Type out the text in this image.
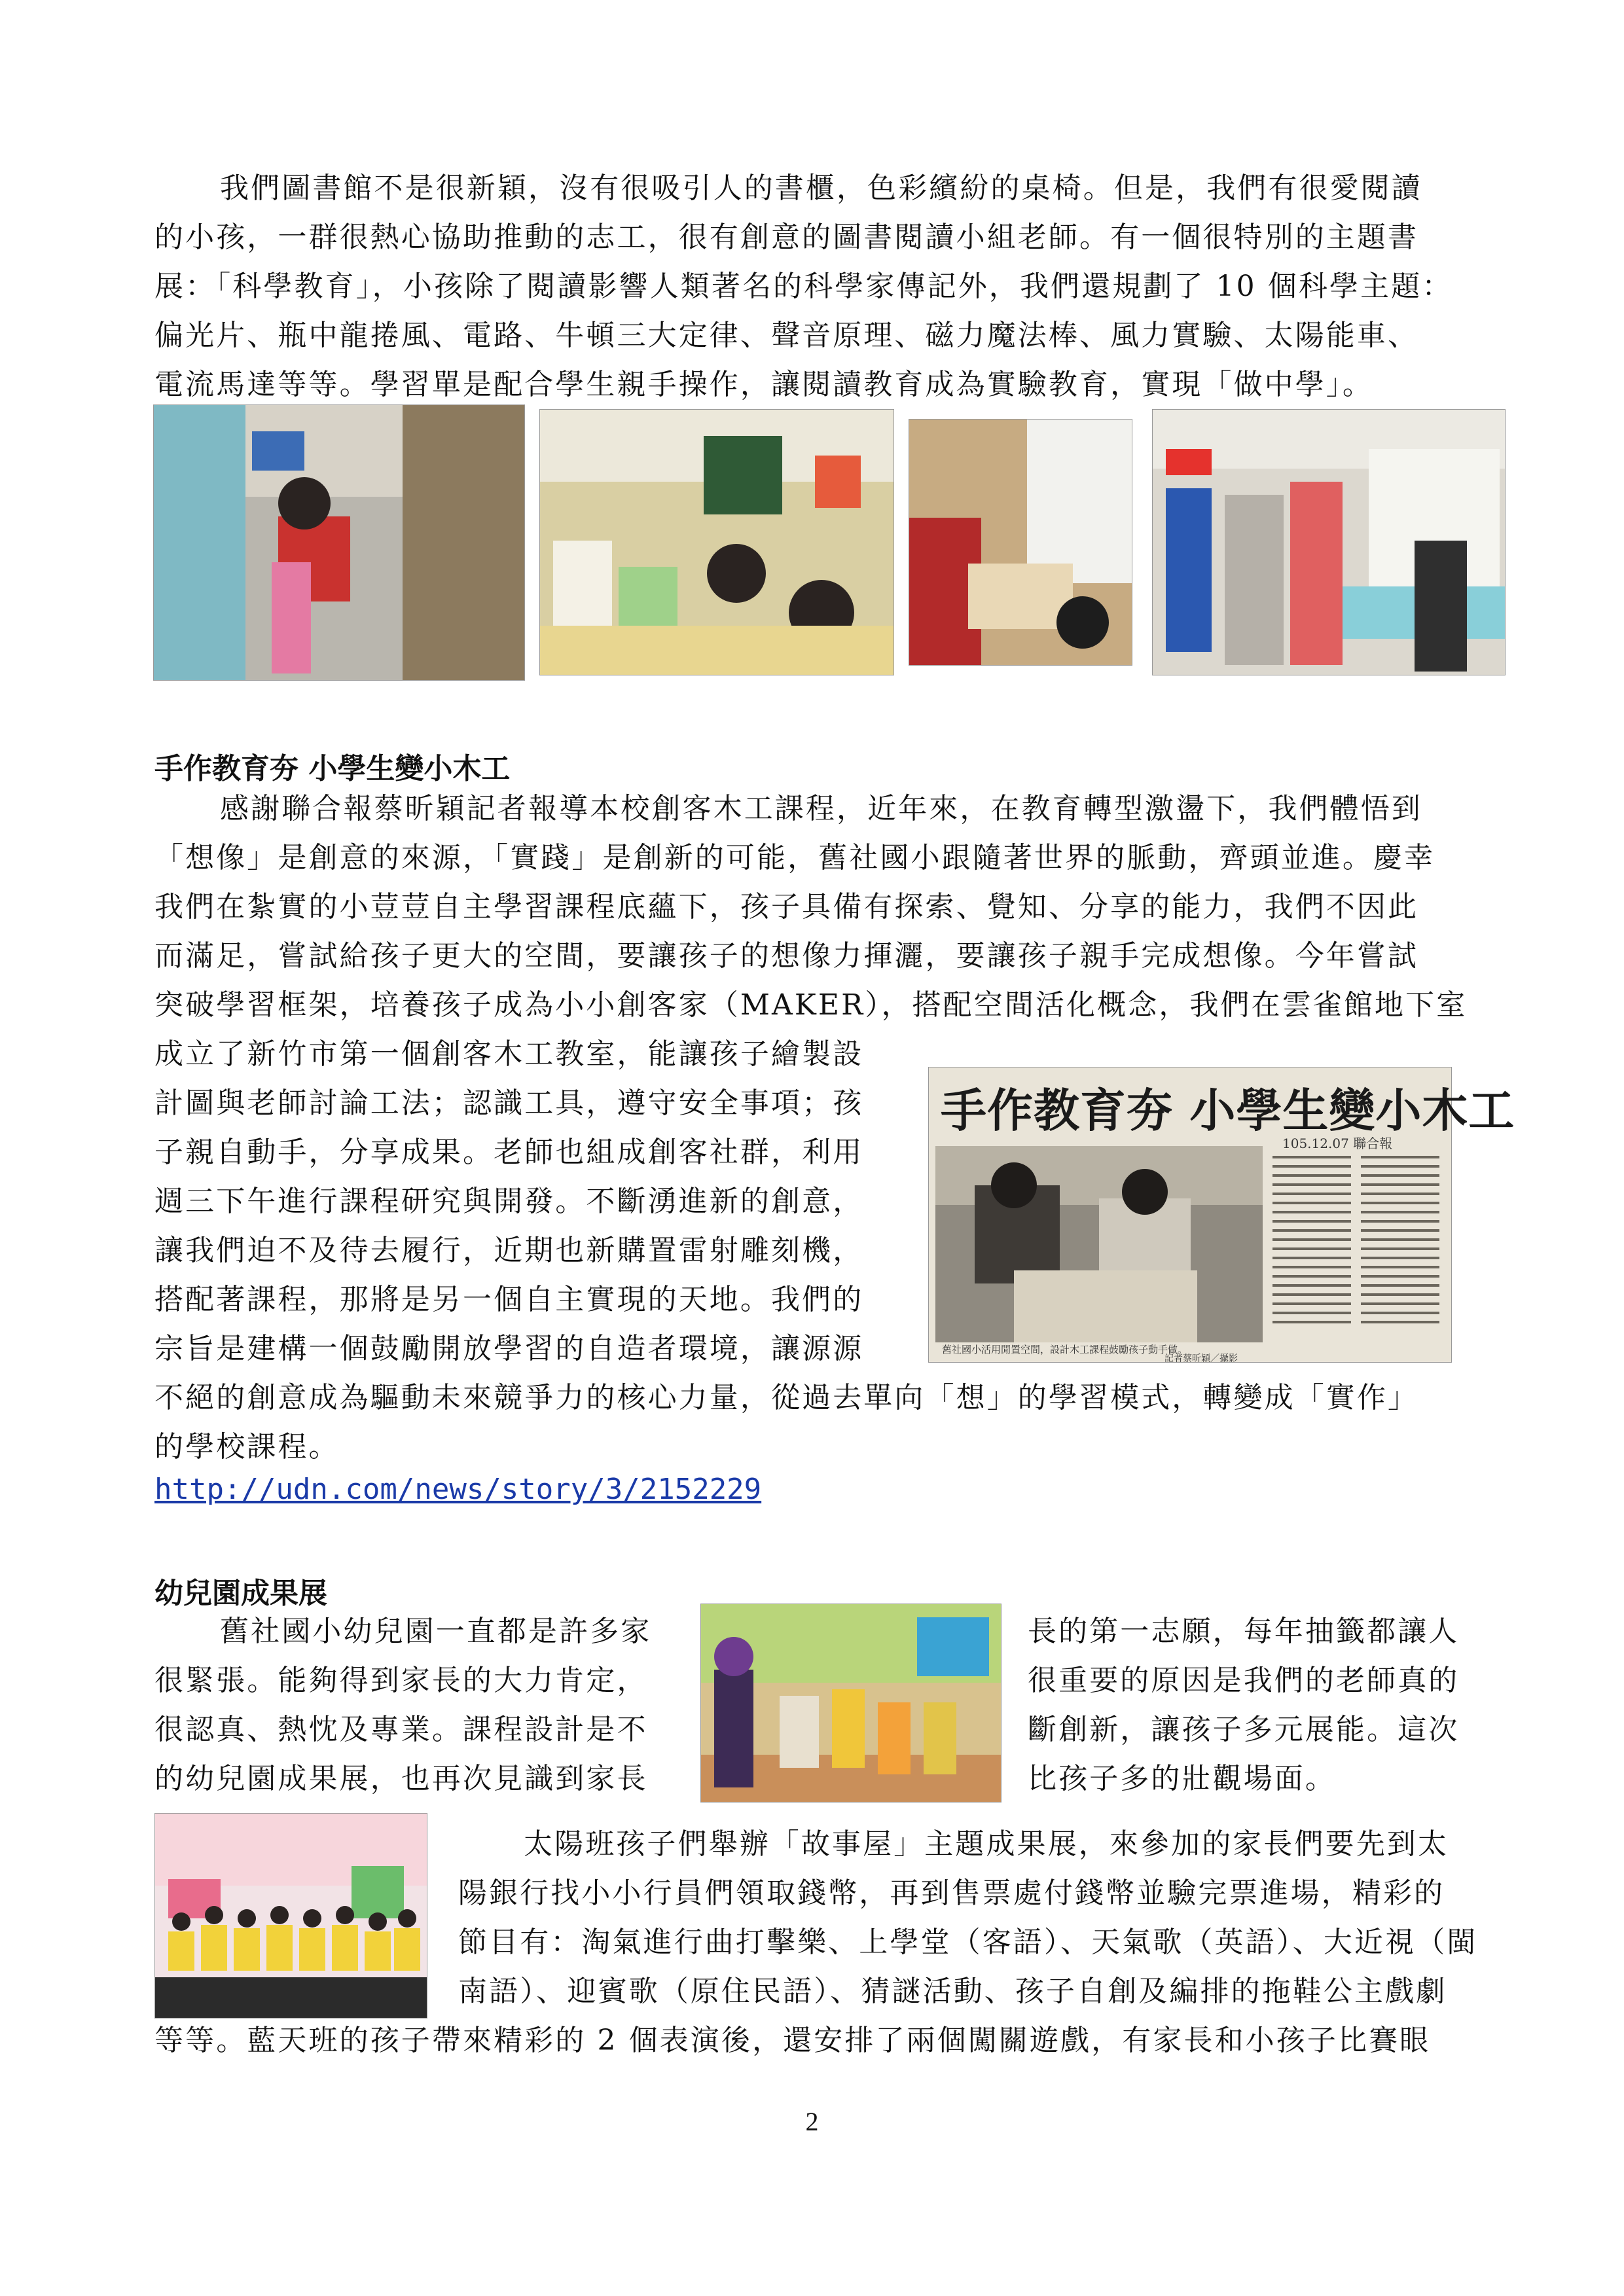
我們圖書館不是很新穎，沒有很吸引人的書櫃，色彩繽紛的桌椅。但是，我們有很愛閱讀

的小孩，一群很熱心協助推動的志工，很有創意的圖書閱讀小組老師。有一個很特別的主題書

展：「科學教育」，小孩除了閱讀影響人類著名的科學家傳記外，我們還規劃了 10 個科學主題：

偏光片、瓶中龍捲風、電路、牛頓三大定律、聲音原理、磁力魔法棒、風力實驗、太陽能車、

電流馬達等等。學習單是配合學生親手操作，讓閱讀教育成為實驗教育，實現「做中學」。

手作教育夯 小學生變小木工

感謝聯合報蔡昕穎記者報導本校創客木工課程，近年來，在教育轉型激盪下，我們體悟到

「想像」是創意的來源，「實踐」是創新的可能，舊社國小跟隨著世界的脈動，齊頭並進。慶幸

我們在紮實的小荳荳自主學習課程底蘊下，孩子具備有探索、覺知、分享的能力，我們不因此

而滿足，嘗試給孩子更大的空間，要讓孩子的想像力揮灑，要讓孩子親手完成想像。今年嘗試

突破學習框架，培養孩子成為小小創客家（MAKER），搭配空間活化概念，我們在雲雀館地下室

成立了新竹市第一個創客木工教室，能讓孩子繪製設

計圖與老師討論工法；認識工具，遵守安全事項；孩

子親自動手，分享成果。老師也組成創客社群，利用

週三下午進行課程研究與開發。不斷湧進新的創意，

讓我們迫不及待去履行，近期也新購置雷射雕刻機，

搭配著課程，那將是另一個自主實現的天地。我們的

宗旨是建構一個鼓勵開放學習的自造者環境，讓源源

不絕的創意成為驅動未來競爭力的核心力量，從過去單向「想」的學習模式，轉變成「實作」

的學校課程。

手作教育夯 小學生變小木工
105.12.07 聯合報
舊社國小活用閒置空間，設計木工課程鼓勵孩子動手做。
記者蔡昕穎／攝影
http://udn.com/news/story/3/2152229
幼兒園成果展

舊社國小幼兒園一直都是許多家

很緊張。能夠得到家長的大力肯定，

很認真、熱忱及專業。課程設計是不

的幼兒園成果展，也再次見識到家長

長的第一志願，每年抽籤都讓人

很重要的原因是我們的老師真的

斷創新，讓孩子多元展能。這次

比孩子多的壯觀場面。

太陽班孩子們舉辦「故事屋」主題成果展，來參加的家長們要先到太

陽銀行找小小行員們領取錢幣，再到售票處付錢幣並驗完票進場，精彩的

節目有：淘氣進行曲打擊樂、上學堂（客語）、天氣歌（英語）、大近視（閩

南語）、迎賓歌（原住民語）、猜謎活動、孩子自創及編排的拖鞋公主戲劇

等等。藍天班的孩子帶來精彩的 2 個表演後，還安排了兩個闖關遊戲，有家長和小孩子比賽眼

2
